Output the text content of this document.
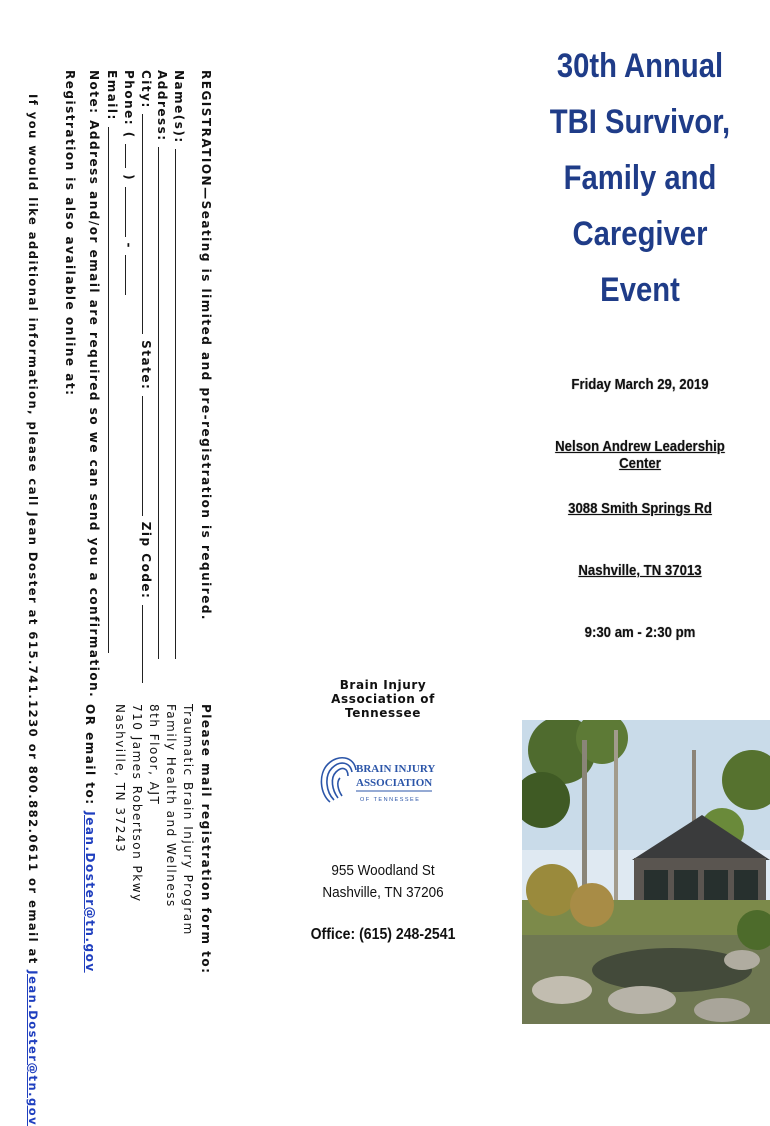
REGISTRATION—Seating is limited and pre-registration is required.
Name(s):
Address:
City:  State:  Zip Code:
Phone: (  )  -
Email:
Note: Address and/or email are required so we can send you a confirmation.
Registration is also available online at:
If you would like additional information, please call Jean Doster at 615.741.1230 or 800.882.0611 or email at Jean.Doster@tn.gov
Please mail registration form to:
Traumatic Brain Injury Program
Family Health and Wellness
8th Floor, AJT
710 James Robertson Pkwy
Nashville, TN 37243
OR email to: Jean.Doster@tn.gov
Brain Injury Association of
Tennessee
BRAIN INJURY
ASSOCIATION
OF TENNESSEE
955 Woodland St
Nashville, TN 37206
Office: (615) 248-2541
30th Annual
TBI Survivor,
Family and
Caregiver
Event
Friday March 29, 2019
Nelson Andrew Leadership Center
3088 Smith Springs Rd
Nashville, TN 37013
9:30 am - 2:30 pm
